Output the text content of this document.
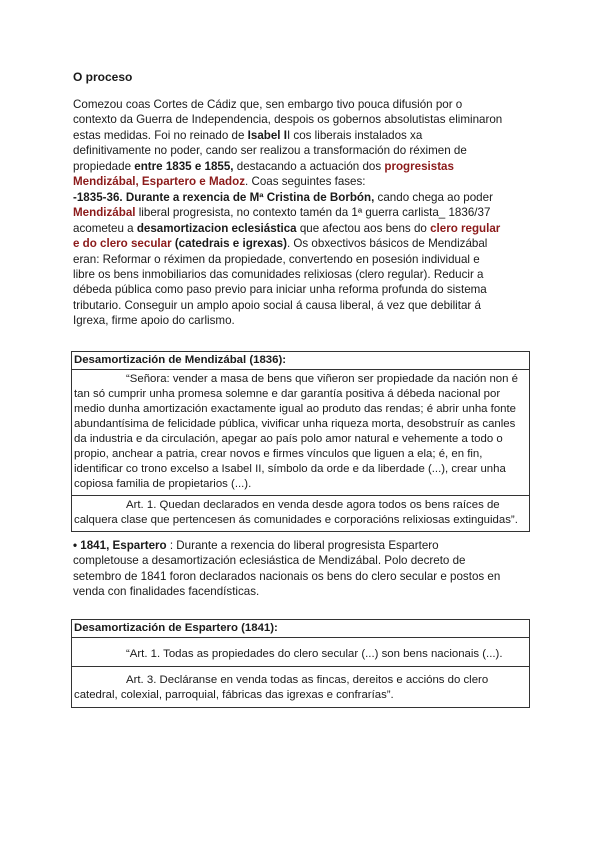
O proceso
Comezou coas Cortes de Cádiz que, sen embargo tivo pouca difusión por o contexto da Guerra de Independencia, despois os gobernos absolutistas eliminaron estas medidas. Foi no reinado de Isabel II cos liberais instalados xa definitivamente no poder, cando ser realizou a transformación do réximen de propiedade entre 1835 e 1855, destacando a actuación dos progresistas Mendizábal, Espartero e Madoz. Coas seguintes fases:
-1835-36. Durante a rexencia de Mª Cristina de Borbón, cando chega ao poder Mendizábal liberal progresista, no contexto tamén da 1ª guerra carlista_ 1836/37 acometeu a desamortizacion eclesiástica que afectou aos bens do clero regular e do clero secular (catedrais e igrexas). Os obxectivos básicos de Mendizábal eran: Reformar o réximen da propiedade, convertendo en posesión individual e libre os bens inmobiliarios das comunidades relixiosas (clero regular). Reducir a débeda pública como paso previo para iniciar unha reforma profunda do sistema tributario. Conseguir un amplo apoio social á causa liberal, á vez que debilitar á Igrexa, firme apoio do carlismo.
Desamortización de Mendizábal (1836):
“Señora: vender a masa de bens que viñeron ser propiedade da nación non é tan só cumprir unha promesa solemne e dar garantía positiva á débeda nacional por medio dunha amortización exactamente igual ao produto das rendas; é abrir unha fonte abundantísima de felicidade pública, vivificar unha riqueza morta, desobstruír as canles da industria e da circulación, apegar ao país polo amor natural e vehemente a todo o propio, anchear a patria, crear novos e firmes vínculos que liguen a ela; é, en fin, identificar co trono excelso a Isabel II, símbolo da orde e da liberdade (...), crear unha copiosa familia de propietarios (...).
Art. 1. Quedan declarados en venda desde agora todos os bens raíces de calquera clase que pertencesen ás comunidades e corporacións relixiosas extinguidas”.
• 1841, Espartero : Durante a rexencia do liberal progresista Espartero completouse a desamortización eclesiástica de Mendizábal. Polo decreto de setembro de 1841 foron declarados nacionais os bens do clero secular e postos en venda con finalidades facendísticas.
Desamortización de Espartero (1841):
“Art. 1. Todas as propiedades do clero secular (...) son bens nacionais (...).
Art. 3. Decláranse en venda todas as fincas, dereitos e accións do clero catedral, colexial, parroquial, fábricas das igrexas e confrarías”.
